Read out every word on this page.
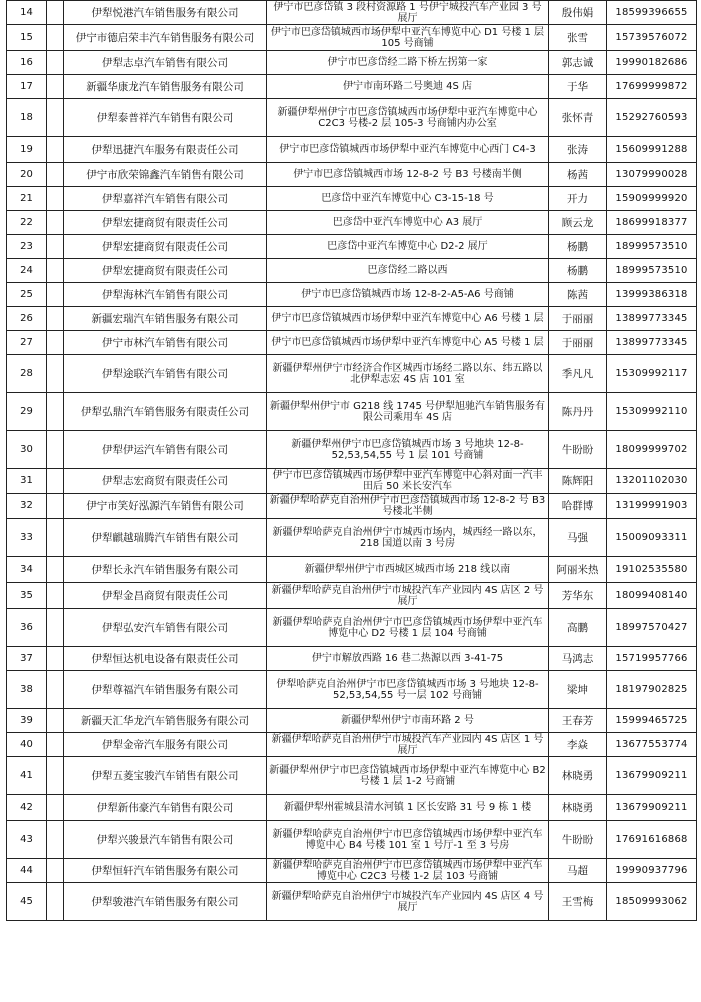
14		伊犁悦港汽车销售服务有限公司	伊宁市巴彦岱镇 3 段村资源路 1 号伊宁城投汽车产业园 3 号展厅	殷伟娟	18599396655
15		伊宁市德启荣丰汽车销售服务有限公司	伊宁市巴彦岱镇城西市场伊犁中亚汽车博览中心 D1 号楼 1 层 105 号商铺	张雪	15739576072
16		伊犁志卓汽车销售有限公司	伊宁市巴彦岱经二路下桥左拐第一家	郭志诚	19990182686
17		新疆华康龙汽车销售服务有限公司	伊宁市南环路二号奥迪 4S 店	于华	17699999872
18		伊犁泰普祥汽车销售有限公司	新疆伊犁州伊宁市巴彦岱镇城西市场伊犁中亚汽车博览中心 C2C3 号楼-2 层 105-3 号商铺内办公室	张怀青	15292760593
19		伊犁迅捷汽车服务有限责任公司	伊宁市巴彦岱镇城西市场伊犁中亚汽车博览中心西门 C4-3	张涛	15609991288
20		伊宁市欣荣锦鑫汽车销售有限公司	伊宁市巴彦岱镇城西市场 12-8-2 号 B3 号楼南半侧	杨茜	13079990028
21		伊犁嘉祥汽车销售有限公司	巴彦岱中亚汽车博览中心 C3-15-18 号	开力	15909999920
22		伊犁宏捷商贸有限责任公司	巴彦岱中亚汽车博览中心 A3 展厅	顾云龙	18699918377
23		伊犁宏捷商贸有限责任公司	巴彦岱中亚汽车博览中心 D2-2 展厅	杨鹏	18999573510
24		伊犁宏捷商贸有限责任公司	巴彦岱经二路以西	杨鹏	18999573510
25		伊犁海林汽车销售有限公司	伊宁市巴彦岱镇城西市场 12-8-2-A5-A6 号商铺	陈茜	13999386318
26		新疆宏瑞汽车销售服务有限公司	伊宁市巴彦岱镇城西市场伊犁中亚汽车博览中心 A6 号楼 1 层	于丽丽	13899773345
27		伊宁市林汽车销售有限公司	伊宁市巴彦岱镇城西市场伊犁中亚汽车博览中心 A5 号楼 1 层	于丽丽	13899773345
28		伊犁途联汽车销售有限公司	新疆伊犁州伊宁市经济合作区城西市场经二路以东、纬五路以北伊犁志宏 4S 店 101 室	季凡凡	15309992117
29		伊犁弘鼎汽车销售服务有限责任公司	新疆伊犁州伊宁市 G218 线 1745 号伊犁旭驰汽车销售服务有限公司乘用车 4S 店	陈丹丹	15309992110
30		伊犁伊运汽车销售有限公司	新疆伊犁州伊宁市巴彦岱镇城西市场 3 号地块 12-8-52,53,54,55 号 1 层 101 号商铺	牛盼盼	18099999702
31		伊犁志宏商贸有限责任公司	伊宁市巴彦岱镇城西市场伊犁中亚汽车博览中心斜对面一汽丰田后 50 米长安汽车	陈辉阳	13201102030
32		伊宁市笑好泓源汽车销售有限公司	新疆伊犁哈萨克自治州伊宁市巴彦岱镇城西市场 12-8-2 号 B3 号楼北半侧	哈群博	13199991903
33		伊犁麒越瑞腾汽车销售有限公司	新疆伊犁哈萨克自治州伊宁市城西市场内，城西经一路以东，218 国道以南 3 号房	马强	15009093311
34		伊犁长永汽车销售服务有限公司	新疆伊犁州伊宁市西城区城西市场 218 线以南	阿丽米热	19102535580
35		伊犁金昌商贸有限责任公司	新疆伊犁哈萨克自治州伊宁市城投汽车产业园内 4S 店区 2 号展厅	芳华东	18099408140
36		伊犁弘安汽车销售有限公司	新疆伊犁哈萨克自治州伊宁市巴彦岱镇城西市场伊犁中亚汽车博览中心 D2 号楼 1 层 104 号商铺	高鹏	18997570427
37		伊犁恒达机电设备有限责任公司	伊宁市解放西路 16 巷二热源以西 3-41-75	马鸿志	15719957766
38		伊犁尊福汽车销售服务有限公司	伊犁哈萨克自治州伊宁市巴彦岱镇城西市场 3 号地块 12-8-52,53,54,55 号一层 102 号商铺	梁坤	18197902825
39		新疆天汇华龙汽车销售服务有限公司	新疆伊犁州伊宁市南环路 2 号	王春芳	15999465725
40		伊犁金帝汽车服务有限公司	新疆伊犁哈萨克自治州伊宁市城投汽车产业园内 4S 店区 1 号展厅	李焱	13677553774
41		伊犁五菱宝骏汽车销售有限公司	新疆伊犁州伊宁市巴彦岱镇城西市场伊犁中亚汽车博览中心 B2 号楼 1 层 1-2 号商铺	林晓勇	13679909211
42		伊犁新伟豪汽车销售有限公司	新疆伊犁州霍城县清水河镇 1 区长安路 31 号 9 栋 1 楼	林晓勇	13679909211
43		伊犁兴骏景汽车销售有限公司	新疆伊犁哈萨克自治州伊宁市巴彦岱镇城西市场伊犁中亚汽车博览中心 B4 号楼 101 室 1 号厅-1 至 3 号房	牛盼盼	17691616868
44		伊犁恒轩汽车销售服务有限公司	新疆伊犁哈萨克自治州伊宁市巴彦岱镇城西市场伊犁中亚汽车博览中心 C2C3 号楼 1-2 层 103 号商铺	马超	19990937796
45		伊犁骏港汽车销售服务有限公司	新疆伊犁哈萨克自治州伊宁市城投汽车产业园内 4S 店区 4 号展厅	王雪梅	18509993062
